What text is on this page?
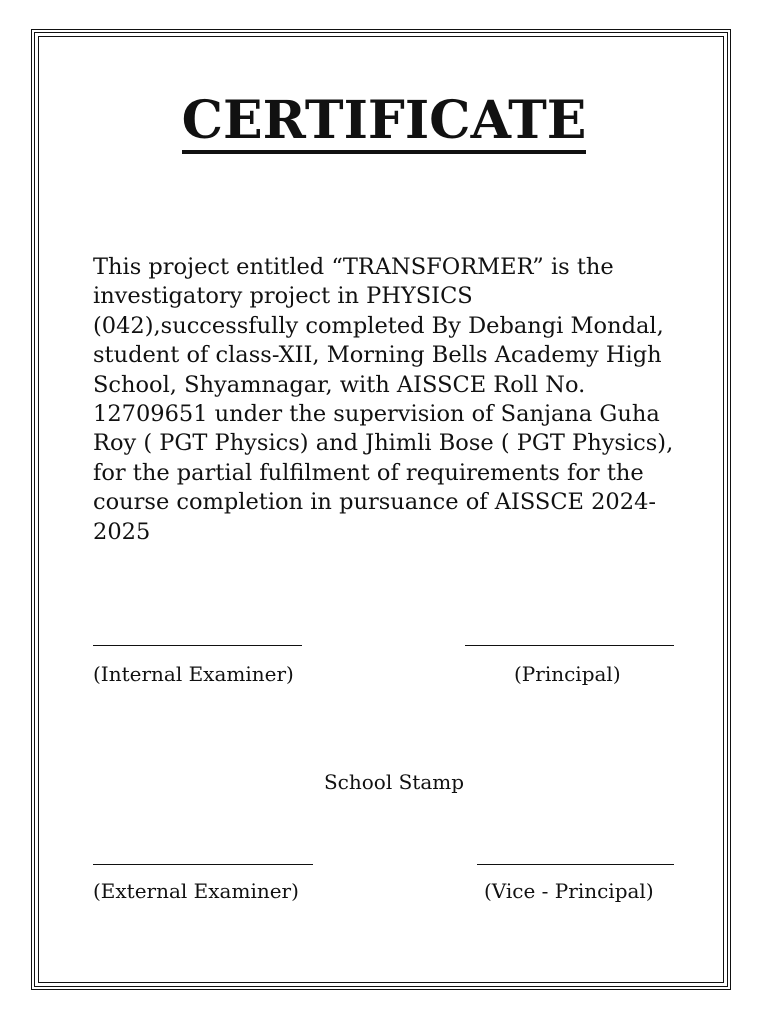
CERTIFICATE
This project entitled “TRANSFORMER” is the investigatory project in PHYSICS (042),successfully completed By Debangi Mondal, student of class-XII, Morning Bells Academy High School, Shyamnagar, with AISSCE Roll No. 12709651 under the supervision of Sanjana Guha Roy ( PGT Physics) and Jhimli Bose ( PGT Physics), for the partial fulfilment of requirements for the course completion in pursuance of AISSCE 2024-2025
(Internal Examiner)	(Principal)
School Stamp
(External Examiner)	(Vice - Principal)
